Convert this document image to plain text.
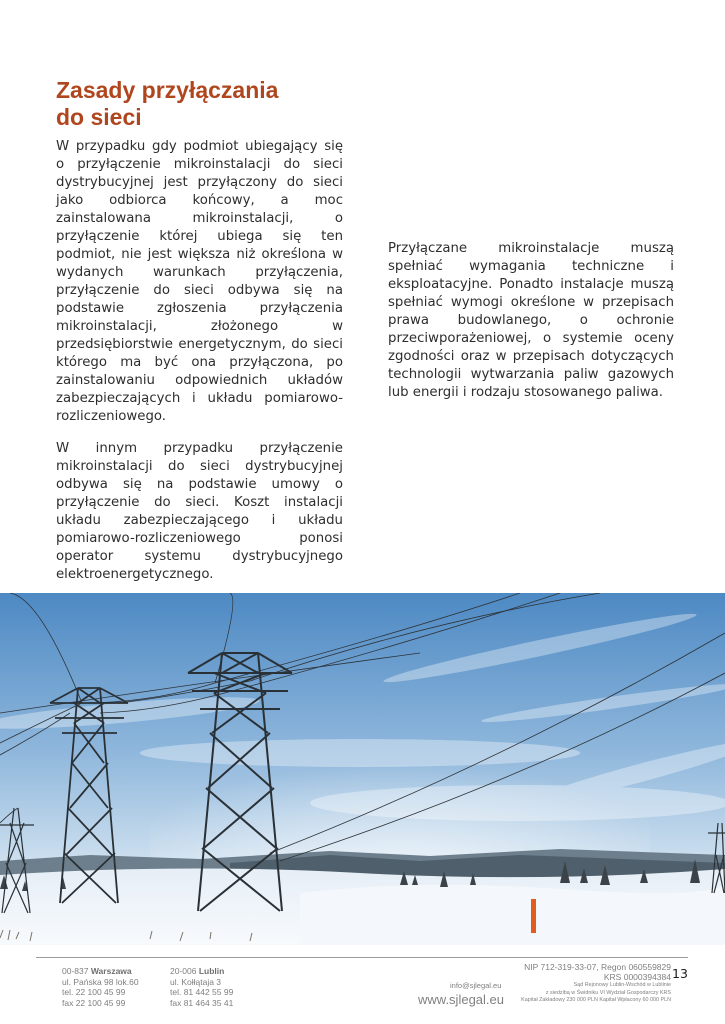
Zasady przyłączania
do sieci

W przypadku gdy podmiot ubiegający się o przyłączenie mikroinstalacji do sieci dystrybucyjnej jest przyłączony do sieci jako odbiorca końcowy, a moc zainstalowana mikroinstalacji, o przyłączenie której ubiega się ten podmiot, nie jest większa niż określona w wydanych warunkach przyłączenia, przyłączenie do sieci odbywa się na podstawie zgłoszenia przyłączenia mikroinstalacji, złożonego w przedsiębiorstwie energetycznym, do sieci którego ma być ona przyłączona, po zainstalowaniu odpowiednich układów zabezpieczających i układu pomiarowo-rozliczeniowego.

W innym przypadku przyłączenie mikroinstalacji do sieci dystrybucyjnej odbywa się na podstawie umowy o przyłączenie do sieci. Koszt instalacji układu zabezpieczającego i układu pomiarowo-rozliczeniowego ponosi operator systemu dystrybucyjnego elektroenergetycznego.

Przyłączane mikroinstalacje muszą spełniać wymagania techniczne i eksploatacyjne. Ponadto instalacje muszą spełniać wymogi określone w przepisach prawa budowlanego, o ochronie przeciwporażeniowej, o systemie oceny zgodności oraz w przepisach dotyczących technologii wytwarzania paliw gazowych lub energii i rodzaju stosowanego paliwa.

00-837 Warszawa
ul. Pańska 98 lok.60
tel. 22 100 45 99
fax 22 100 45 99
20-006 Lublin
ul. Kołłątaja 3
tel. 81 442 55 99
fax 81 464 35 41
info@sjlegal.eu
www.sjlegal.eu
NIP 712-319-33-07, Regon 060559829
KRS 0000394384
Sąd Rejonowy Lublin-Wschód w Lublinie
z siedzibą w Świdniku VI Wydział Gospodarczy KRS
Kapitał Zakładowy 230 000 PLN Kapitał Wpłacony 60 000 PLN
13
